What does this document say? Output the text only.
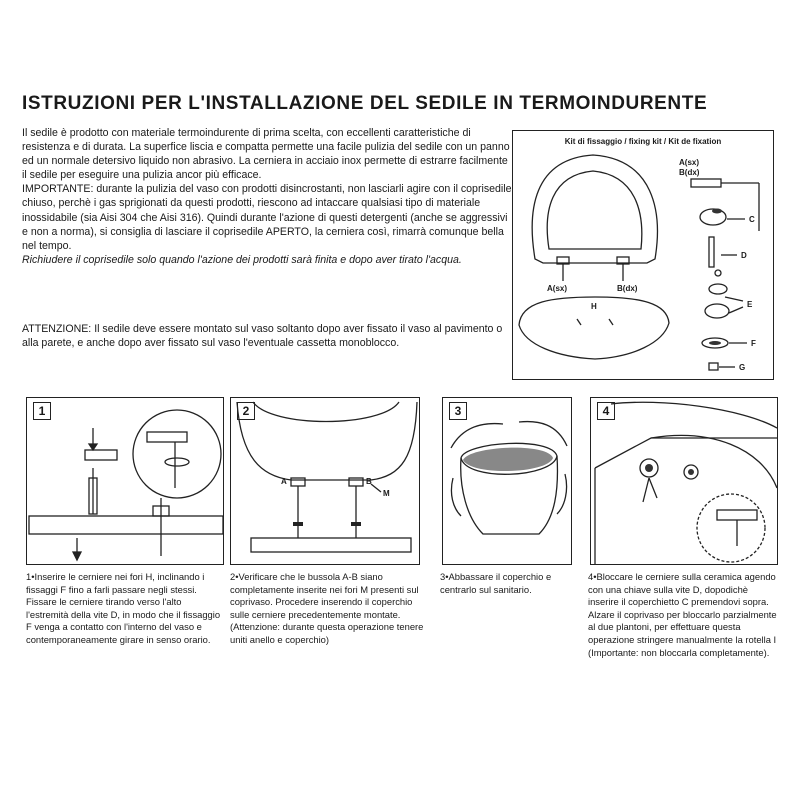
ISTRUZIONI PER L'INSTALLAZIONE DEL SEDILE IN TERMOINDURENTE

Il sedile è prodotto con materiale termoindurente di prima scelta, con eccellenti caratteristiche di resistenza e di durata. La superfice liscia e compatta permette una facile pulizia del sedile con un panno ed un normale detersivo liquido non abrasivo. La cerniera in acciaio inox permette di estrarre facilmente il sedile per eseguire una pulizia ancor più efficace.

IMPORTANTE: durante la pulizia del vaso con prodotti disincrostanti, non lasciarli agire con il coprisedile chiuso, perchè i gas sprigionati da questi prodotti, riescono ad intaccare qualsiasi tipo di materiale inossidabile (sia Aisi 304 che Aisi 316). Quindi durante l'azione di questi detergenti (anche se aggressivi e non a norma), si consiglia di lasciare il coprisedile APERTO, la cerniera così, rimarrà comunque bella nel tempo.

Richiudere il coprisedile solo quando l'azione dei prodotti sarà finita e dopo aver tirato l'acqua.

ATTENZIONE: Il sedile deve essere montato sul vaso soltanto dopo aver fissato il vaso al pavimento o alla parete, e anche dopo aver fissato sul vaso l'eventuale cassetta monoblocco.
Kit di fissaggio / fixing kit / Kit de fixation
A(sx)
B(dx)
A(sx)	B(dx)
H
C
D
E
F
G
1	2
A	B
M
3	4
1•Inserire le cerniere nei fori H, inclinando i fissaggi F fino a farli passare negli stessi. Fissare le cerniere tirando verso l'alto l'estremità della vite D, in modo che il fissaggio F venga a contatto con l'interno del vaso e contemporaneamente girare in senso orario.

2•Verificare che le bussola A-B siano completamente inserite nei fori M presenti sul coprivaso. Procedere inserendo il coperchio sulle cerniere precedentemente montate.

(Attenzione: durante questa operazione tenere uniti anello e coperchio)

3•Abbassare il coperchio e centrarlo sul sanitario.
4•Bloccare le cerniere sulla ceramica agendo con una chiave sulla vite D, dopodichè inserire il coperchietto C premendovi sopra. Alzare il coprivaso per bloccarlo parzialmente al due plantoni, per effettuare questa operazione stringere manualmente la rotella I (Importante: non bloccarla completamente).
